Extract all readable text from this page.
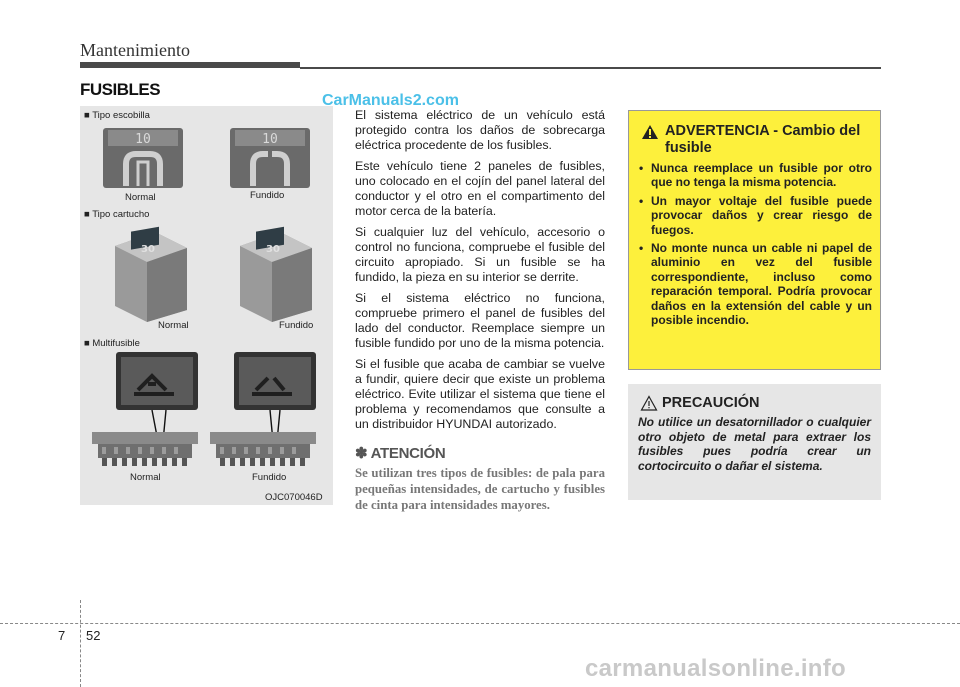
Mantenimiento
FUSIBLES
■ Tipo escobilla
10	10
Normal	Fundido
■ Tipo cartucho
30	30
Normal	Fundido
■ Multifusible
Normal	Fundido
OJC070046D
CarManuals2.com

El sistema eléctrico de un vehículo está protegido contra los daños de sobrecarga eléctrica procedente de los fusibles.

Este vehículo tiene 2 paneles de fusibles, uno colocado en el cojín del panel lateral del conductor y el otro en el compartimento del motor cerca de la batería.

Si cualquier luz del vehículo, accesorio o control no funciona, compruebe el fusible del circuito apropiado. Si un fusible se ha fundido, la pieza en su interior se derrite.

Si el sistema eléctrico no funciona, compruebe primero el panel de fusibles del lado del conductor. Reemplace siempre un fusible fundido por uno de la misma potencia.

Si el fusible que acaba de cambiar se vuelve a fundir, quiere decir que existe un problema eléctrico. Evite utilizar el sistema que tiene el problema y recomendamos que consulte a un distribuidor HYUNDAI autorizado.

✽ ATENCIÓN
Se utilizan tres tipos de fusibles: de pala para pequeñas intensidades, de cartucho y fusibles de cinta para intensidades mayores.
ADVERTENCIA - Cambio del fusible
• Nunca reemplace un fusible por otro que no tenga la misma potencia.
• Un mayor voltaje del fusible puede provocar daños y crear riesgo de fuegos.
• No monte nunca un cable ni papel de aluminio en vez del fusible correspondiente, incluso como reparación temporal. Podría provocar daños en la extensión del cable y un posible incendio.
PRECAUCIÓN
No utilice un desatornillador o cualquier otro objeto de metal para extraer los fusibles pues podría crear un cortocircuito o dañar el sistema.
7 52
carmanualsonline.info
